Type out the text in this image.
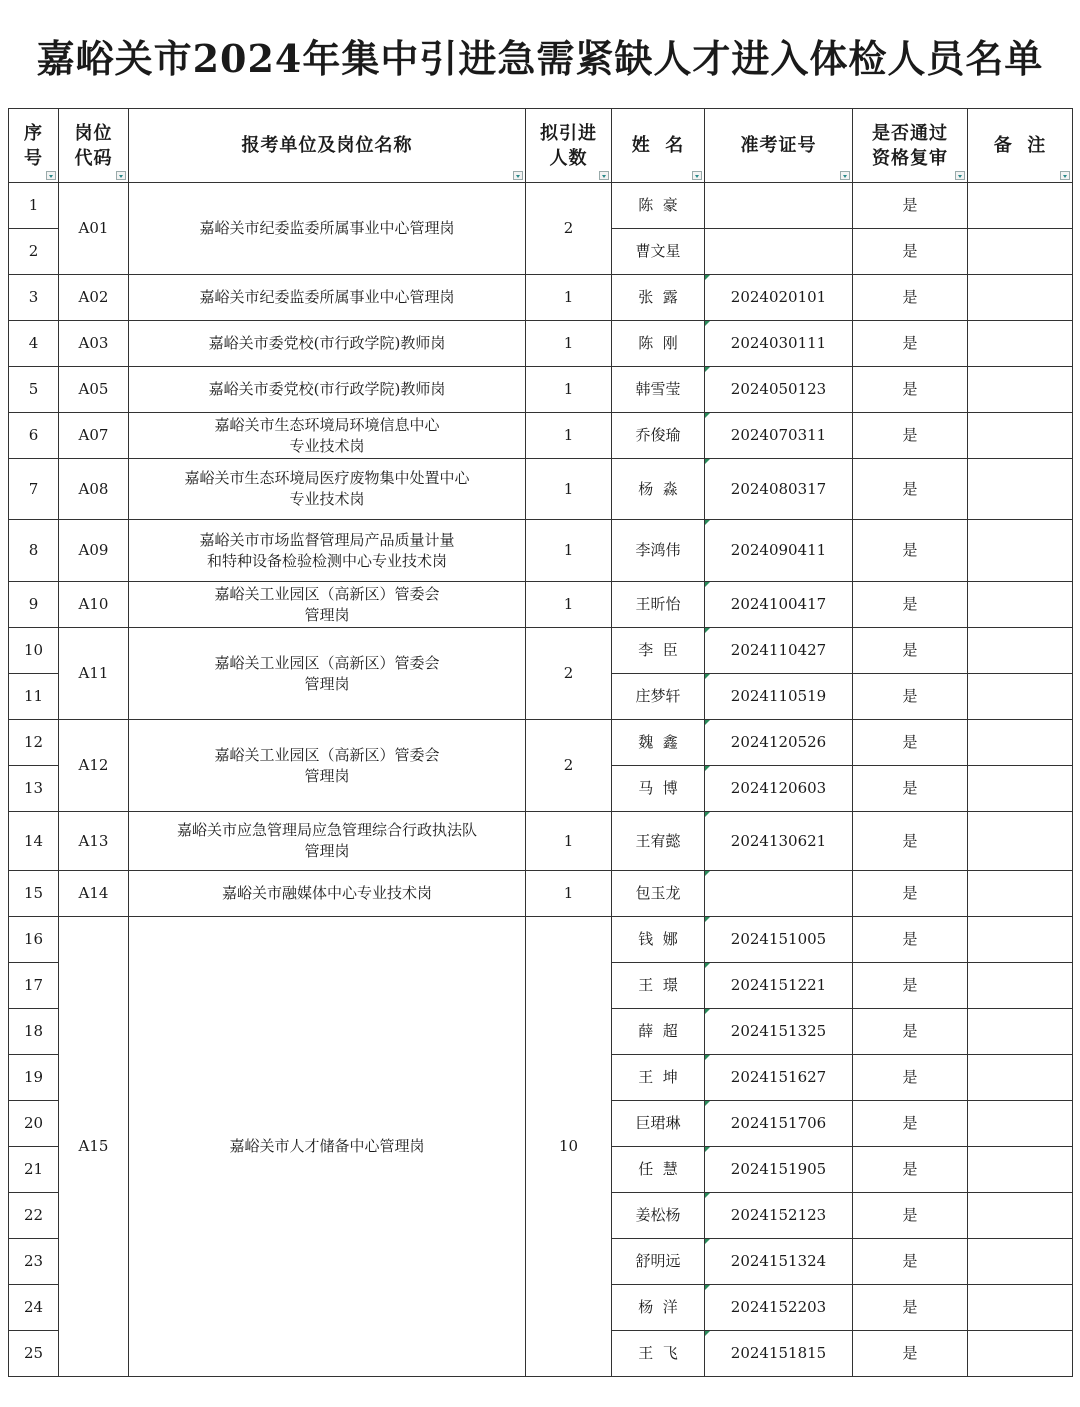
嘉峪关市2024年集中引进急需紧缺人才进入体检人员名单
序号	岗位代码	报考单位及岗位名称	拟引进人数	姓  名	准考证号	是否通过资格复审	备  注

1	A01	嘉峪关市纪委监委所属事业中心管理岗	2	陈  豪		是	
2				曹文星		是	
3	A02	嘉峪关市纪委监委所属事业中心管理岗	1	张  露	2024020101	是	
4	A03	嘉峪关市委党校(市行政学院)教师岗	1	陈  刚	2024030111	是	
5	A05	嘉峪关市委党校(市行政学院)教师岗	1	韩雪莹	2024050123	是	
6	A07	嘉峪关市生态环境局环境信息中心
专业技术岗	1	乔俊瑜	2024070311	是	
7	A08	嘉峪关市生态环境局医疗废物集中处置中心
专业技术岗	1	杨  淼	2024080317	是	
8	A09	嘉峪关市市场监督管理局产品质量计量
和特种设备检验检测中心专业技术岗	1	李鸿伟	2024090411	是	
9	A10	嘉峪关工业园区（高新区）管委会
管理岗	1	王昕怡	2024100417	是	
10	A11	嘉峪关工业园区（高新区）管委会
管理岗	2	李  臣	2024110427	是	
11				庄梦轩	2024110519	是	
12	A12	嘉峪关工业园区（高新区）管委会
管理岗	2	魏  鑫	2024120526	是	
13				马  博	2024120603	是	
14	A13	嘉峪关市应急管理局应急管理综合行政执法队
管理岗	1	王宥懿	2024130621	是	
15	A14	嘉峪关市融媒体中心专业技术岗	1	包玉龙		是	
16	A15	嘉峪关市人才储备中心管理岗	10	钱  娜	2024151005	是	
17				王  璟	2024151221	是	
18				薛  超	2024151325	是	
19				王  坤	2024151627	是	
20				巨珺琳	2024151706	是	
21				任  慧	2024151905	是	
22				姜松杨	2024152123	是	
23				舒明远	2024151324	是	
24				杨  洋	2024152203	是	
25				王  飞	2024151815	是	
